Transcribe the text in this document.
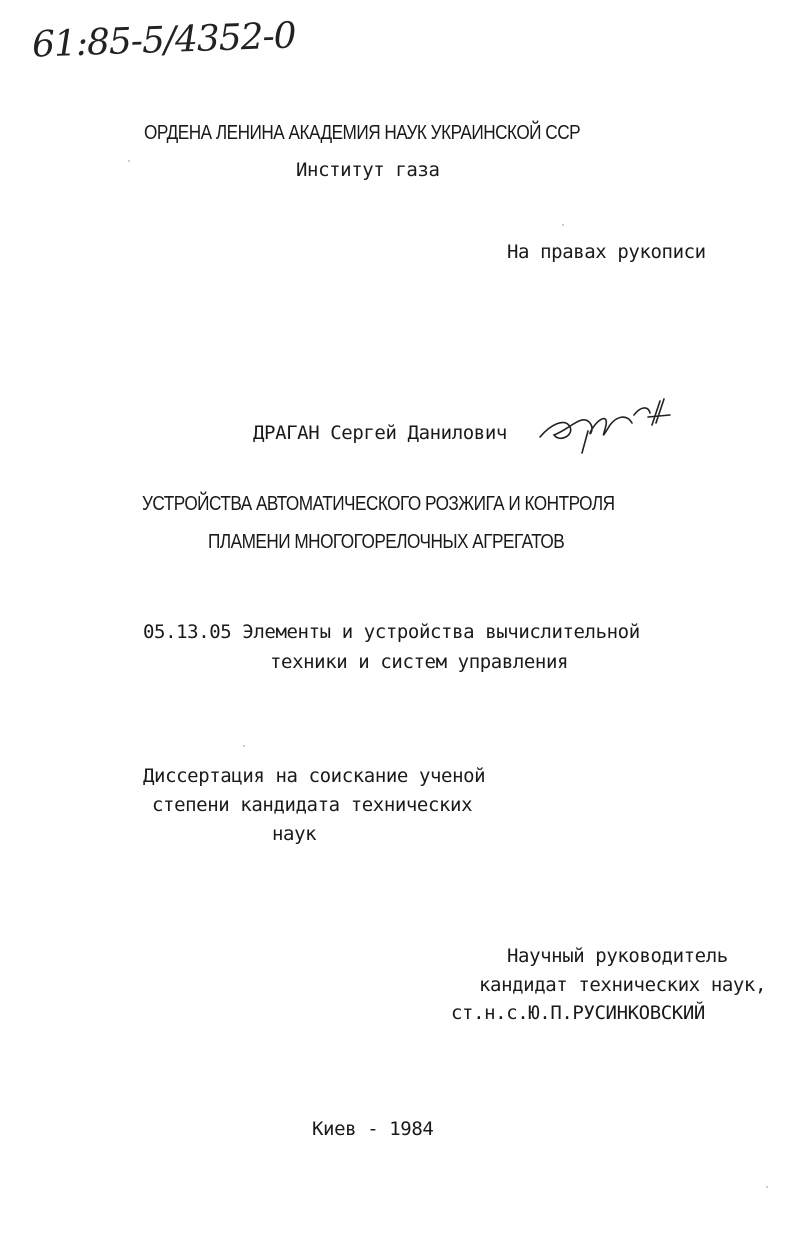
61:85-5/4352-0
ОРДЕНА ЛЕНИНА АКАДЕМИЯ НАУК УКРАИНСКОЙ ССР
Институт газа
На правах рукописи
ДРАГАН Сергей Данилович
УСТРОЙСТВА АВТОМАТИЧЕСКОГО РОЗЖИГА И КОНТРОЛЯ
ПЛАМЕНИ МНОГОГОРЕЛОЧНЫХ АГРЕГАТОВ
05.13.05 Элементы и устройства вычислительной
техники и систем управления
Диссертация на соискание ученой
степени кандидата технических
наук
Научный руководитель
кандидат технических наук,
ст.н.с.Ю.П.РУСИНКОВСКИЙ
Киев - 1984
